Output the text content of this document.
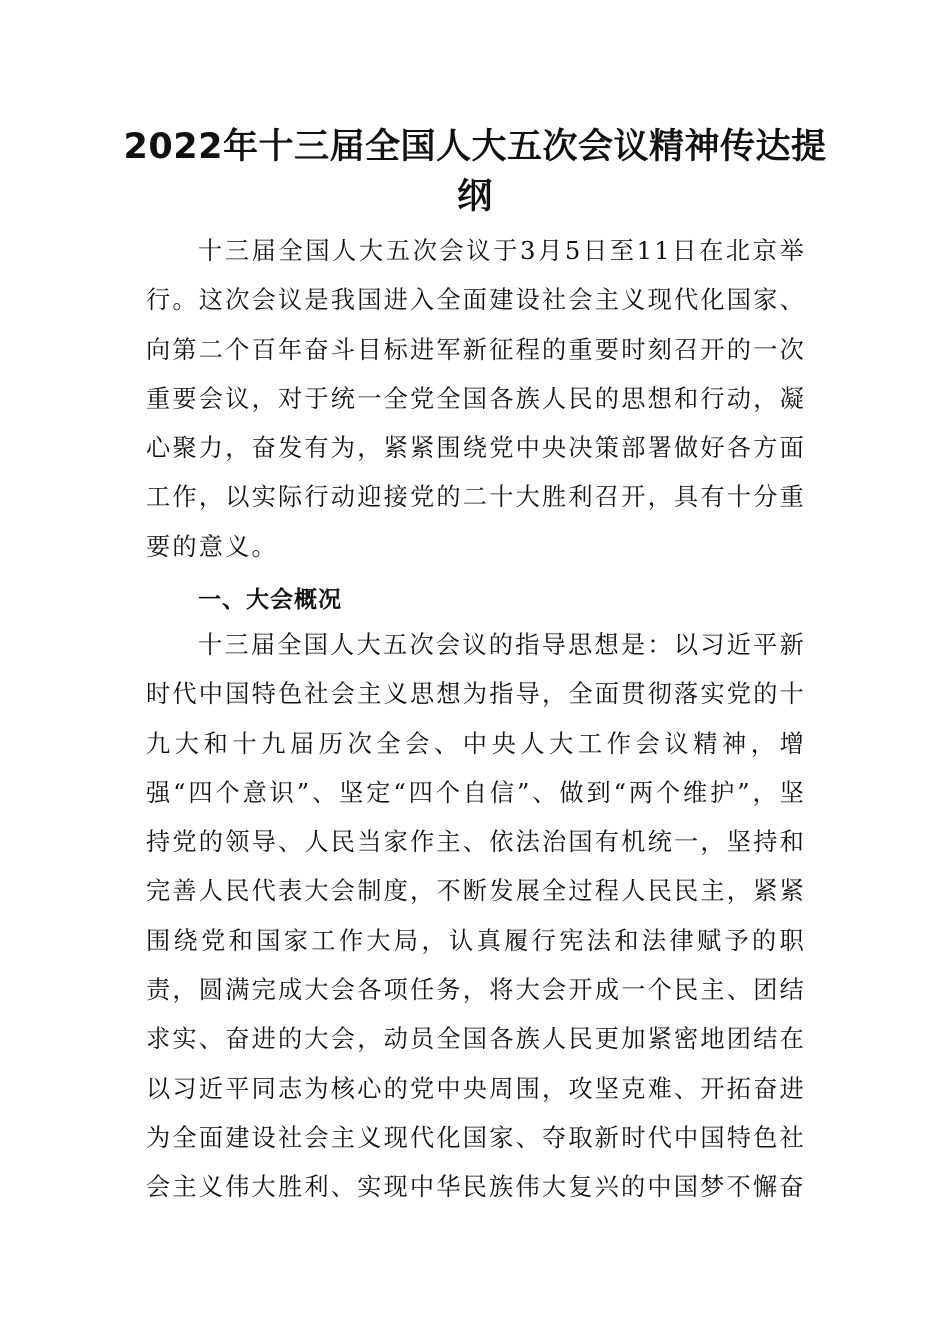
2022年十三届全国人大五次会议精神传达提纲

十三届全国人大五次会议于3月5日至11日在北京举行。这次会议是我国进入全面建设社会主义现代化国家、向第二个百年奋斗目标进军新征程的重要时刻召开的一次重要会议，对于统一全党全国各族人民的思想和行动，凝心聚力，奋发有为，紧紧围绕党中央决策部署做好各方面工作，以实际行动迎接党的二十大胜利召开，具有十分重要的意义。

一、大会概况

十三届全国人大五次会议的指导思想是：以习近平新时代中国特色社会主义思想为指导，全面贯彻落实党的十九大和十九届历次全会、中央人大工作会议精神，增强“四个意识”、坚定“四个自信”、做到“两个维护”，坚持党的领导、人民当家作主、依法治国有机统一，坚持和完善人民代表大会制度，不断发展全过程人民民主，紧紧围绕党和国家工作大局，认真履行宪法和法律赋予的职责，圆满完成大会各项任务，将大会开成一个民主、团结求实、奋进的大会，动员全国各族人民更加紧密地团结在以习近平同志为核心的党中央周围，攻坚克难、开拓奋进为全面建设社会主义现代化国家、夺取新时代中国特色社会主义伟大胜利、实现中华民族伟大复兴的中国梦不懈奋
